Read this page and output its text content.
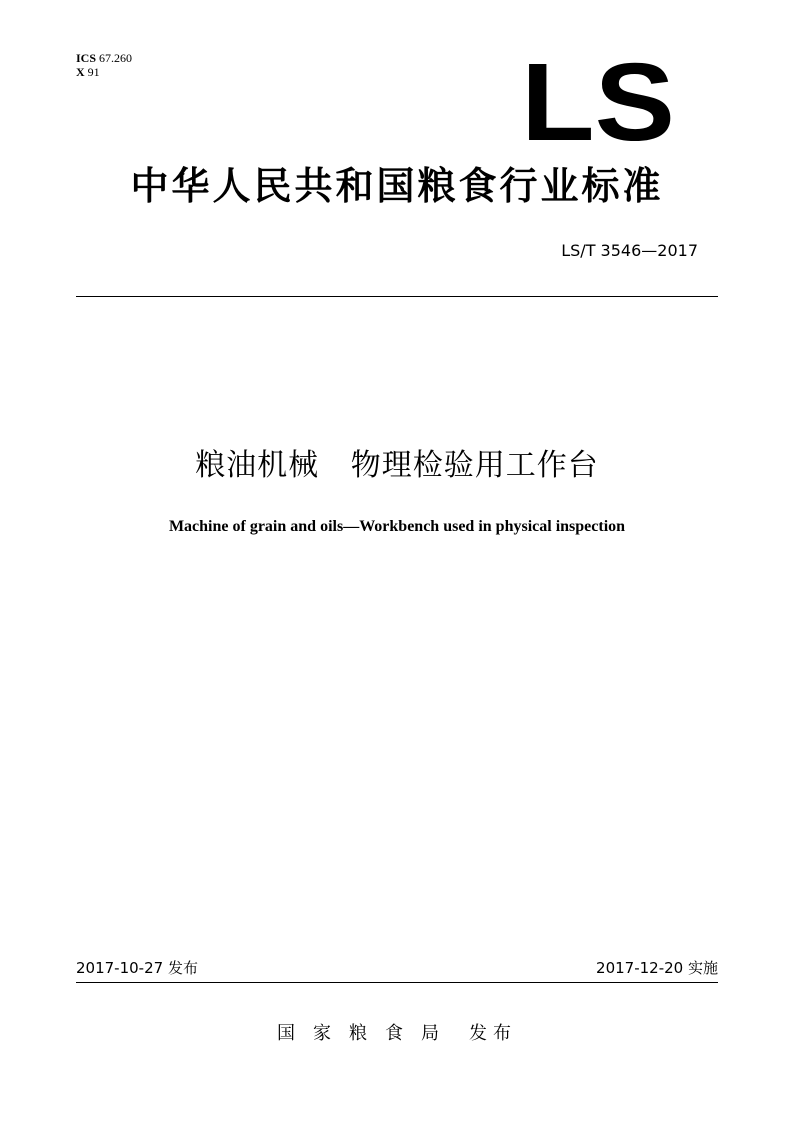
ICS 67.260
X 91	LS
中华人民共和国粮食行业标准
LS/T 3546—2017
粮油机械   物理检验用工作台
Machine of grain and oils—Workbench used in physical inspection
2017-10-27 发布	2017-12-20 实施
国家粮食局 发布
